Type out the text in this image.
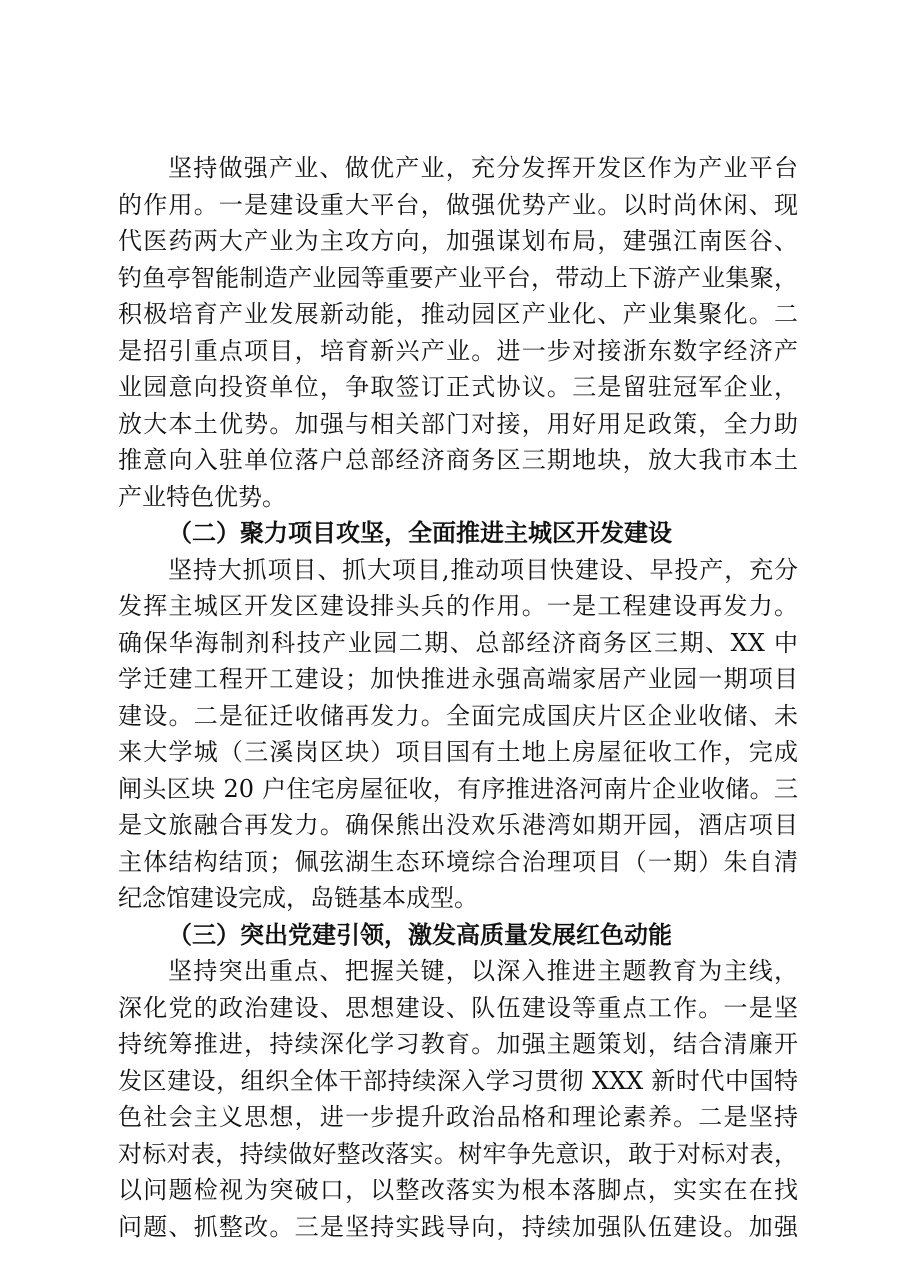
坚持做强产业、做优产业，充分发挥开发区作为产业平台
的作用。一是建设重大平台，做强优势产业。以时尚休闲、现
代医药两大产业为主攻方向，加强谋划布局，建强江南医谷、
钓鱼亭智能制造产业园等重要产业平台，带动上下游产业集聚，
积极培育产业发展新动能，推动园区产业化、产业集聚化。二
是招引重点项目，培育新兴产业。进一步对接浙东数字经济产
业园意向投资单位，争取签订正式协议。三是留驻冠军企业，
放大本土优势。加强与相关部门对接，用好用足政策，全力助
推意向入驻单位落户总部经济商务区三期地块，放大我市本土
产业特色优势。
（二）聚力项目攻坚，全面推进主城区开发建设
坚持大抓项目、抓大项目,推动项目快建设、早投产，充分
发挥主城区开发区建设排头兵的作用。一是工程建设再发力。
确保华海制剂科技产业园二期、总部经济商务区三期、XX 中
学迁建工程开工建设；加快推进永强高端家居产业园一期项目
建设。二是征迁收储再发力。全面完成国庆片区企业收储、未
来大学城（三溪岗区块）项目国有土地上房屋征收工作，完成
闸头区块 20 户住宅房屋征收，有序推进洛河南片企业收储。三
是文旅融合再发力。确保熊出没欢乐港湾如期开园，酒店项目
主体结构结顶；佩弦湖生态环境综合治理项目（一期）朱自清
纪念馆建设完成，岛链基本成型。
（三）突出党建引领，激发高质量发展红色动能
坚持突出重点、把握关键，以深入推进主题教育为主线，
深化党的政治建设、思想建设、队伍建设等重点工作。一是坚
持统筹推进，持续深化学习教育。加强主题策划，结合清廉开
发区建设，组织全体干部持续深入学习贯彻 XXX 新时代中国特
色社会主义思想，进一步提升政治品格和理论素养。二是坚持
对标对表，持续做好整改落实。树牢争先意识，敢于对标对表，
以问题检视为突破口，以整改落实为根本落脚点，实实在在找
问题、抓整改。三是坚持实践导向，持续加强队伍建设。加强
